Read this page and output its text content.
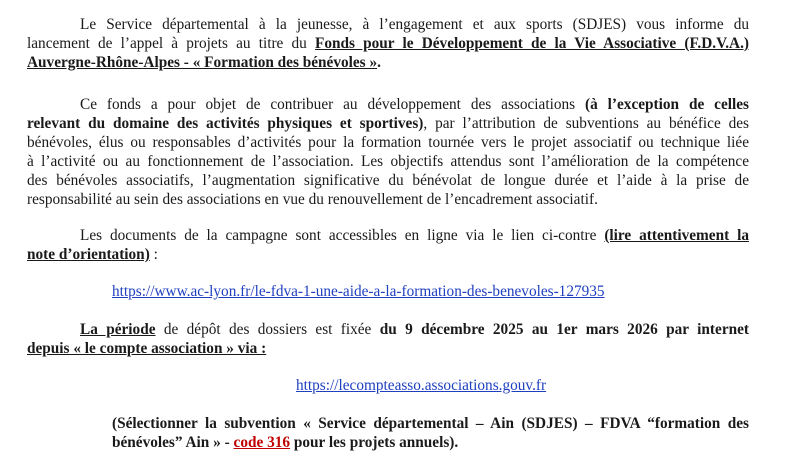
Le Service départemental à la jeunesse, à l’engagement et aux sports (SDJES) vous informe du
lancement de l’appel à projets au titre du Fonds pour le Développement de la Vie Associative (F.D.V.A.)
Auvergne-Rhône-Alpes - « Formation des bénévoles ».
Ce fonds a pour objet de contribuer au développement des associations (à l’exception de celles
relevant du domaine des activités physiques et sportives), par l’attribution de subventions au bénéfice des
bénévoles, élus ou responsables d’activités pour la formation tournée vers le projet associatif ou technique liée
à l’activité ou au fonctionnement de l’association. Les objectifs attendus sont l’amélioration de la compétence
des bénévoles associatifs, l’augmentation significative du bénévolat de longue durée et l’aide à la prise de
responsabilité au sein des associations en vue du renouvellement de l’encadrement associatif.
Les documents de la campagne sont accessibles en ligne via le lien ci-contre (lire attentivement la
note d’orientation) :
https://www.ac-lyon.fr/le-fdva-1-une-aide-a-la-formation-des-benevoles-127935
La période de dépôt des dossiers est fixée du 9 décembre 2025 au 1er mars 2026 par internet
depuis « le compte association » via :
https://lecompteasso.associations.gouv.fr
(Sélectionner la subvention « Service départemental – Ain (SDJES) – FDVA “formation des
bénévoles” Ain » - code 316 pour les projets annuels).
